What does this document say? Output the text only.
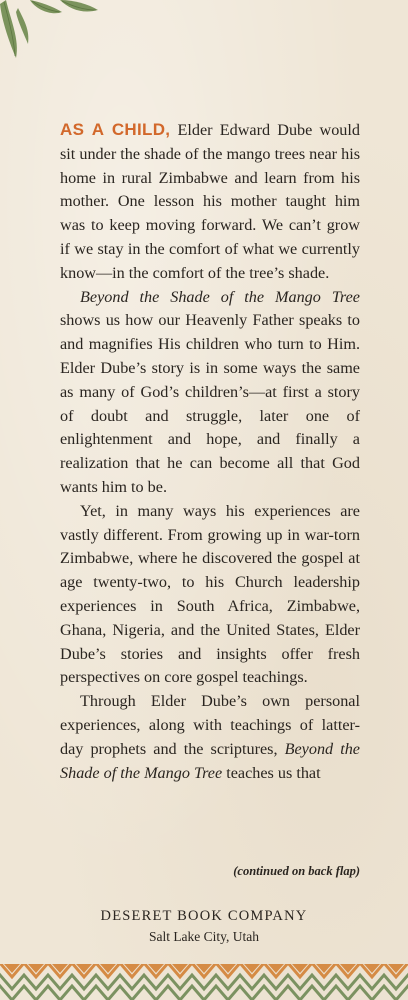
AS A CHILD, Elder Edward Dube would sit under the shade of the mango trees near his home in rural Zimbabwe and learn from his mother. One lesson his mother taught him was to keep moving forward. We can’t grow if we stay in the comfort of what we currently know—in the comfort of the tree’s shade.

Beyond the Shade of the Mango Tree shows us how our Heavenly Father speaks to and magnifies His children who turn to Him. Elder Dube’s story is in some ways the same as many of God’s children’s—at first a story of doubt and struggle, later one of enlightenment and hope, and finally a realization that he can become all that God wants him to be.

Yet, in many ways his experiences are vastly different. From growing up in war-torn Zimbabwe, where he discovered the gospel at age twenty-two, to his Church leadership experiences in South Africa, Zimbabwe, Ghana, Nigeria, and the United States, Elder Dube’s stories and insights offer fresh perspectives on core gospel teachings.

Through Elder Dube’s own personal experiences, along with teachings of latter-day prophets and the scriptures, Beyond the Shade of the Mango Tree teaches us that

(continued on back flap)
DESERET BOOK COMPANY
Salt Lake City, Utah
